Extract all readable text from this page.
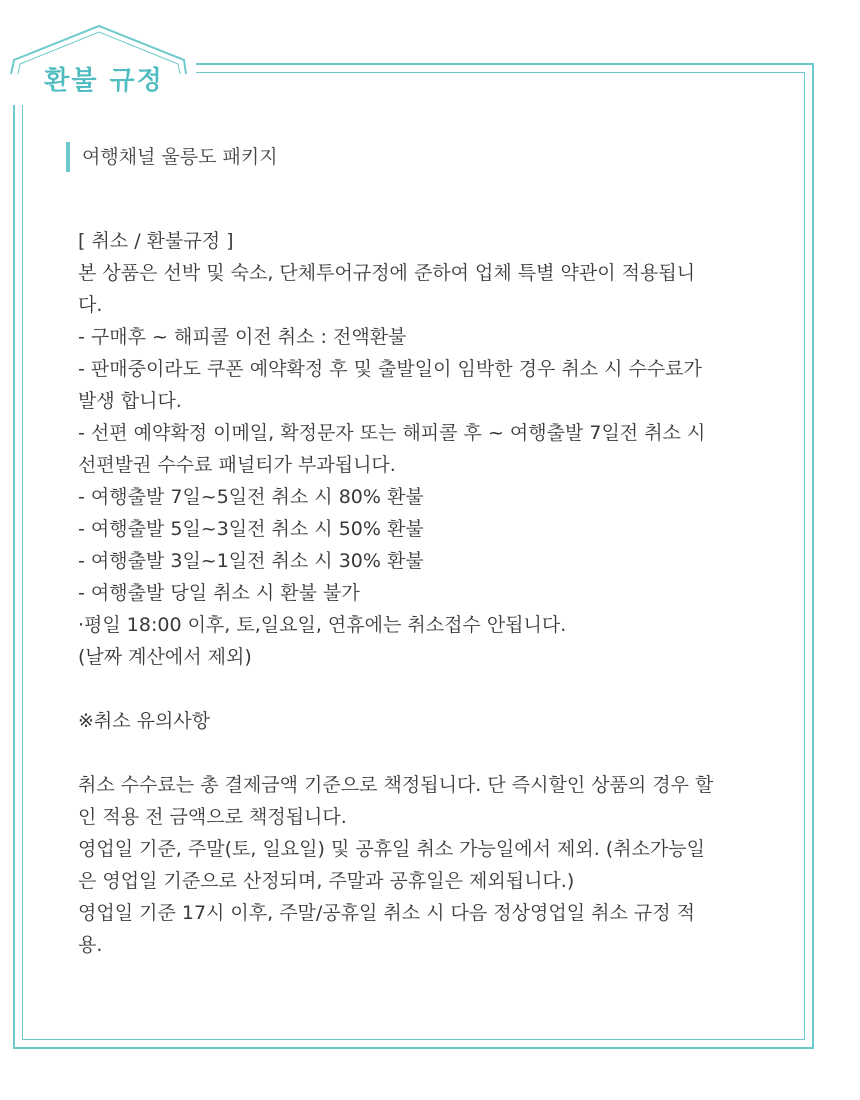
환불 규정
여행채널 울릉도 패키지
[ 취소 / 환불규정 ]
본 상품은 선박 및 숙소, 단체투어규정에 준하여 업체 특별 약관이 적용됩니
다.
- 구매후 ~ 해피콜 이전 취소 : 전액환불
- 판매중이라도 쿠폰 예약확정 후 및 출발일이 임박한 경우 취소 시 수수료가
발생 합니다.
- 선편 예약확정 이메일, 확정문자 또는 해피콜 후 ~ 여행출발 7일전 취소 시
선편발권 수수료 패널티가 부과됩니다.
- 여행출발 7일~5일전 취소 시 80% 환불
- 여행출발 5일~3일전 취소 시 50% 환불
- 여행출발 3일~1일전 취소 시 30% 환불
- 여행출발 당일 취소 시 환불 불가
·평일 18:00 이후, 토,일요일, 연휴에는 취소접수 안됩니다.
(날짜 계산에서 제외)
※취소 유의사항
취소 수수료는 총 결제금액 기준으로 책정됩니다. 단 즉시할인 상품의 경우 할
인 적용 전 금액으로 책정됩니다.
영업일 기준, 주말(토, 일요일) 및 공휴일 취소 가능일에서 제외. (취소가능일
은 영업일 기준으로 산정되며, 주말과 공휴일은 제외됩니다.)
영업일 기준 17시 이후, 주말/공휴일 취소 시 다음 정상영업일 취소 규정 적
용.
